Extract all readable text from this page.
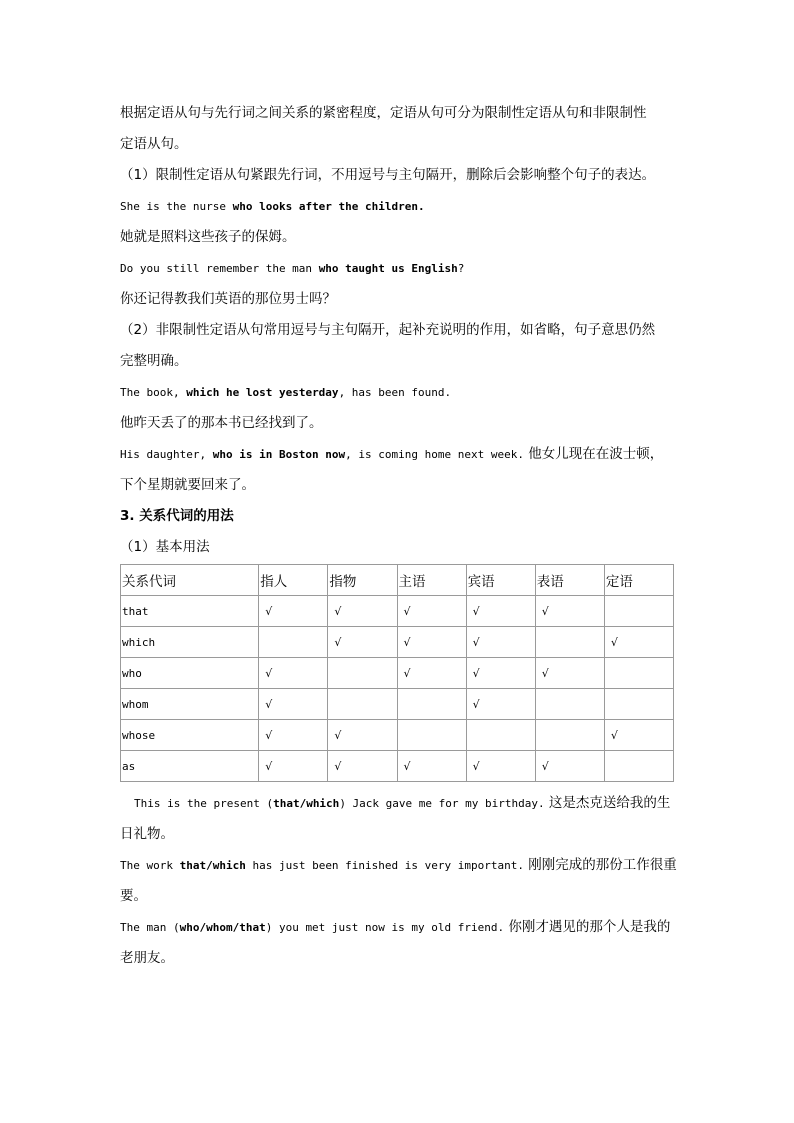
根据定语从句与先行词之间关系的紧密程度，定语从句可分为限制性定语从句和非限制性
定语从句。
（1）限制性定语从句紧跟先行词，不用逗号与主句隔开，删除后会影响整个句子的表达。
She is the nurse who looks after the children.
她就是照料这些孩子的保姆。
Do you still remember the man who taught us English?
你还记得教我们英语的那位男士吗？
（2）非限制性定语从句常用逗号与主句隔开，起补充说明的作用，如省略，句子意思仍然
完整明确。
The book, which he lost yesterday, has been found.
他昨天丢了的那本书已经找到了。
His daughter, who is in Boston now, is coming home next week. 他女儿现在在波士顿，
下个星期就要回来了。
3. 关系代词的用法
（1）基本用法
关系代词	指人	指物	主语	宾语	表语	定语
that	√	√	√	√	√	
which		√	√	√		√
who	√		√	√	√	
whom	√			√		
whose	√	√				√
as	√	√	√	√	√	
This is the present (that/which) Jack gave me for my birthday. 这是杰克送给我的生
日礼物。
The work that/which has just been finished is very important. 刚刚完成的那份工作很重
要。
The man (who/whom/that) you met just now is my old friend. 你刚才遇见的那个人是我的
老朋友。
